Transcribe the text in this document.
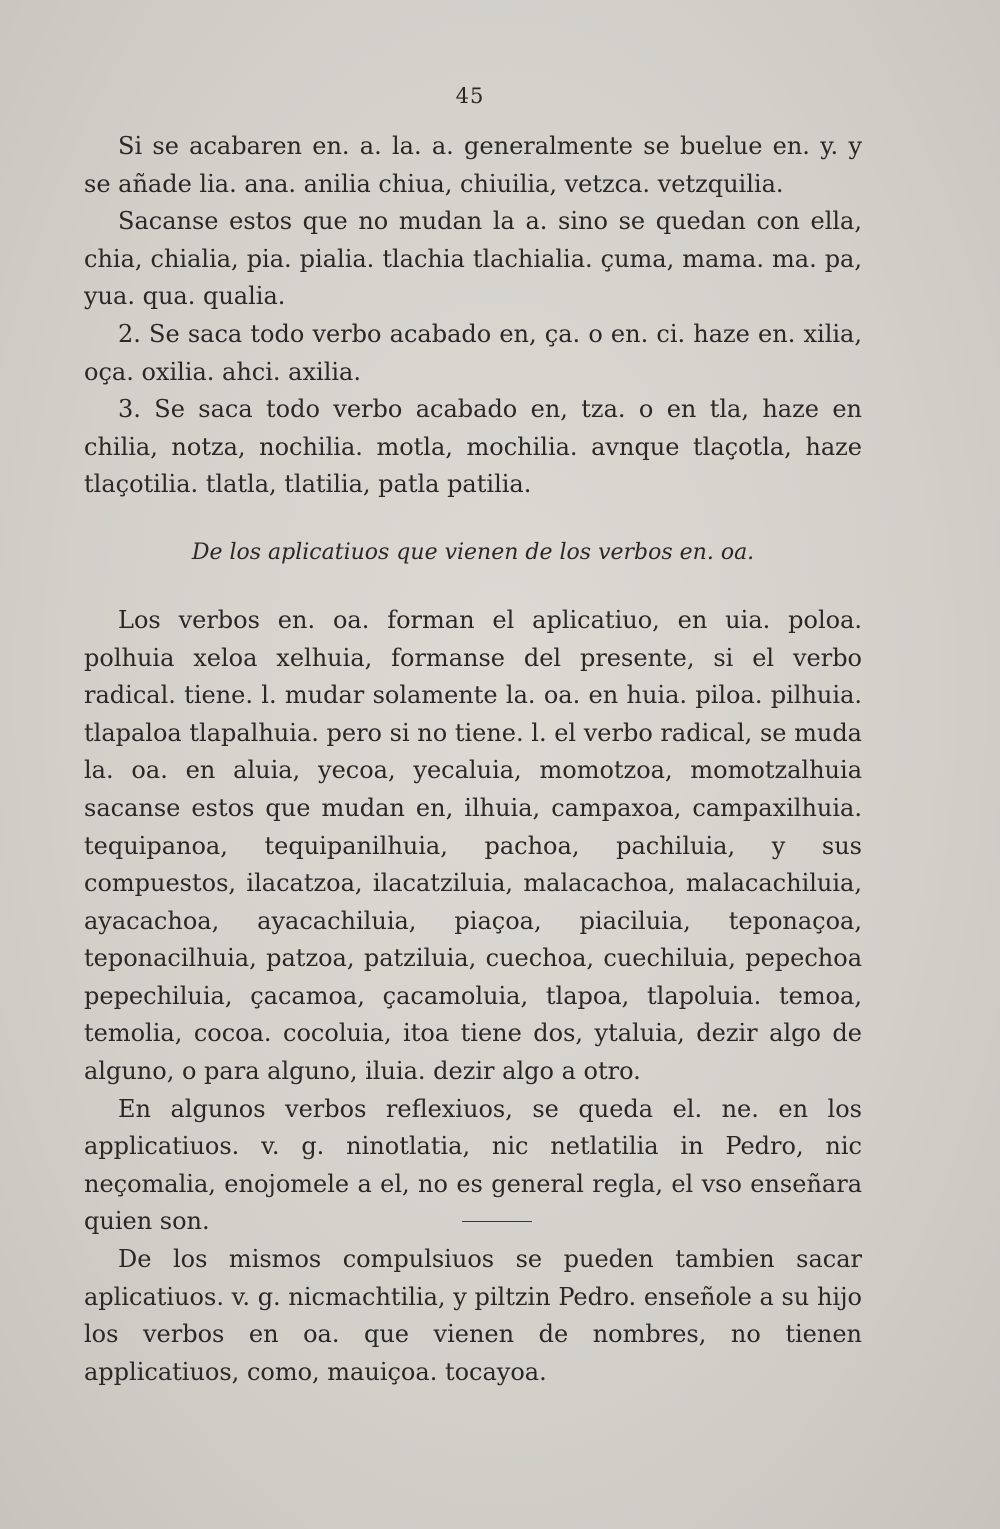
45

Si se acabaren en. a. la. a. generalmente se buelue en. y. y se añade lia. ana. anilia chiua, chiuilia, vetzca. vetzquilia.

Sacanse estos que no mudan la a. sino se quedan con ella, chia, chialia, pia. pialia. tlachia tlachialia. çuma, mama. ma. pa, yua. qua. qualia.

2. Se saca todo verbo acabado en, ça. o en. ci. haze en. xilia, oça. oxilia. ahci. axilia.

3. Se saca todo verbo acabado en, tza. o en tla, haze en chilia, notza, nochilia. motla, mochilia. avnque tlaçotla, haze tlaçotilia. tlatla, tlatilia, patla patilia.

De los aplicatiuos que vienen de los verbos en. oa.

Los verbos en. oa. forman el aplicatiuo, en uia. poloa. polhuia xeloa xelhuia, formanse del presente, si el verbo radical. tiene. l. mudar solamente la. oa. en huia. piloa. pilhuia. tlapaloa tlapalhuia. pero si no tiene. l. el verbo radical, se muda la. oa. en aluia, yecoa, yecaluia, momotzoa, momotzalhuia sacanse estos que mudan en, ilhuia, campaxoa, campaxilhuia. tequipanoa, tequipanilhuia, pachoa, pachiluia, y sus compuestos, ilacatzoa, ilacatziluia, malacachoa, malacachiluia, ayacachoa, ayacachiluia, piaçoa, piaciluia, teponaçoa, teponacilhuia, patzoa, patziluia, cuechoa, cuechiluia, pepechoa pepechiluia, çacamoa, çacamoluia, tlapoa, tlapoluia. temoa, temolia, cocoa. cocoluia, itoa tiene dos, ytaluia, dezir algo de alguno, o para alguno, iluia. dezir algo a otro.

En algunos verbos reflexiuos, se queda el. ne. en los applicatiuos. v. g. ninotlatia, nic netlatilia in Pedro, nic neçomalia, enojomele a el, no es general regla, el vso enseñara quien son.

De los mismos compulsiuos se pueden tambien sacar aplicatiuos. v. g. nicmachtilia, y piltzin Pedro. enseñole a su hijo los verbos en oa. que vienen de nombres, no tienen applicatiuos, como, mauiçoa. tocayoa.
